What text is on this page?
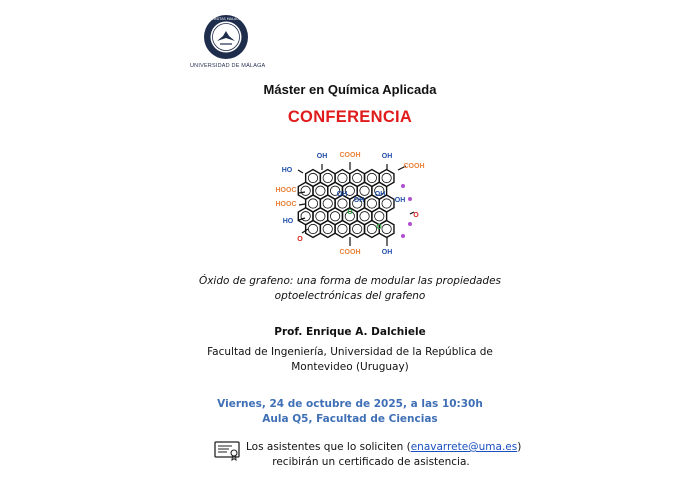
UNIVERSITAS MALACITANA
UNIVERSIDAD DE MÁLAGA
Máster en Química Aplicada
CONFERENCIA
OH COOH	OH
HO
COOH
HOOC
HOOC
HO
O
COOH	OH
OH	OH
OH	OH
O
O
O
Óxido de grafeno: una forma de modular las propiedades
optoelectrónicas del grafeno
Prof. Enrique A. Dalchiele
Facultad de Ingeniería, Universidad de la República de
Montevideo (Uruguay)
Viernes, 24 de octubre de 2025, a las 10:30h
Aula Q5, Facultad de Ciencias
Los asistentes que lo soliciten (enavarrete@uma.es)
recibirán un certificado de asistencia.
